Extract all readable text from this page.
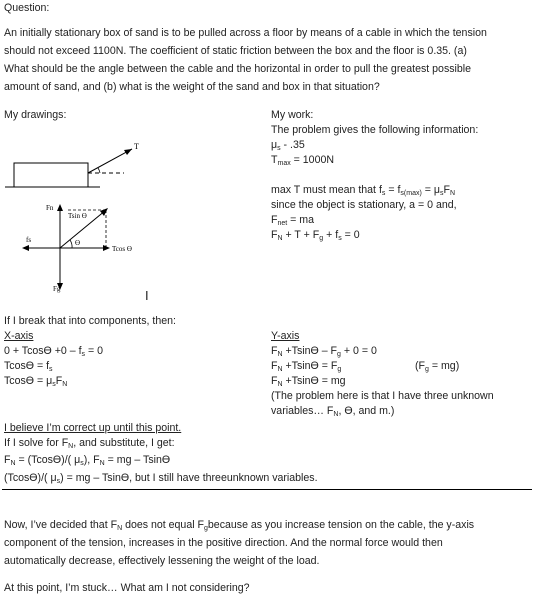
Question:
An initially stationary box of sand is to be pulled across a floor by means of a cable in which the tension
should not exceed 1100N. The coefficient of static friction between the box and the floor is 0.35. (a)
What should be the angle between the cable and the horizontal in order to pull the greatest possible
amount of sand, and (b) what is the weight of the sand and box in that situation?
My drawings:
T
Fn
Fg
fs
Tcos ϴ
Tsin ϴ
ϴ
I
My work:
The problem gives the following information:
$\mu_s - .35$
$T_{max} = 1000N$
max T must mean that $f_s = f_{s(max)} = \mu_sF_N$
since the object is stationary, a = 0 and,
$F_{net}$ = ma
$F_N + T + F_g + f_s = 0$
If I break that into components, then:
X-axis
$0 + Tcosϴ +0 - f_s = 0$
$Tcosϴ = f_s$
$Tcosϴ = \mu_sF_N$
Y-axis
$F_N +Tsinϴ - F_g + 0 = 0$
$F_N +Tsinϴ = F_g$	$(F_g = mg)$
$F_N +Tsinϴ$ = mg
(The problem here is that I have three unknown
variables… $F_N$, ϴ, and m.)
I believe I’m correct up until this point.
If I solve for $F_N$, and substitute, I get:
$F_N = (Tcosϴ)/$( $\mu_s$), $F_N$ = mg – Tsinϴ
(Tcosϴ)/( $\mu_s$) = mg – Tsinϴ, but I still have threeunknown variables.
Now, I’ve decided that $F_N$ does not equal $F_gbecause$ as you increase tension on the cable, the y-axis
component of the tension, increases in the positive direction. And the normal force would then
automatically decrease, effectively lessening the weight of the load.
At this point, I’m stuck… What am I not considering?
